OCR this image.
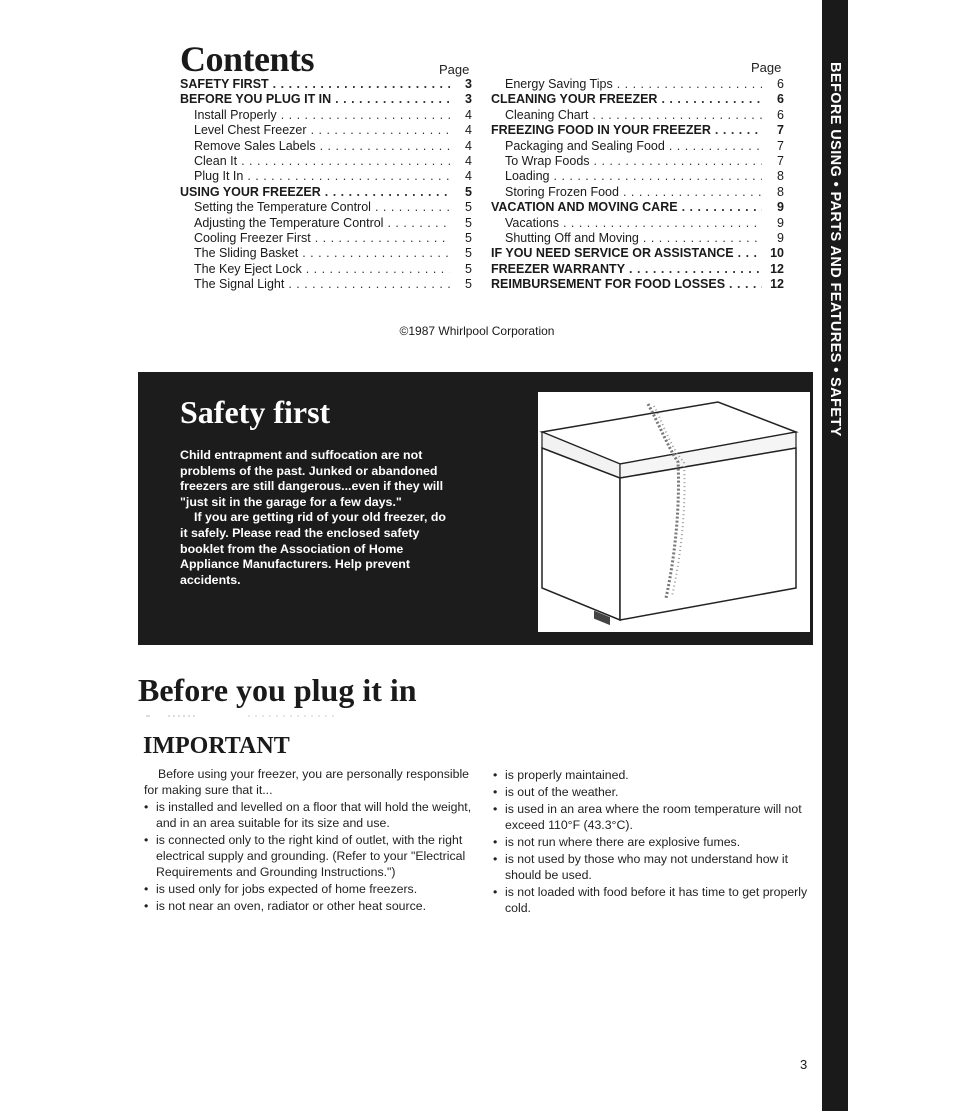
BEFORE USING • PARTS AND FEATURES • SAFETY
Contents	Page	Page
SAFETY FIRST . . .	3
BEFORE YOU PLUG IT IN . . .	3
Install Properly . . .	4
Level Chest Freezer . . .	4
Remove Sales Labels . . .	4
Clean It . . .	4
Plug It In . . .	4
USING YOUR FREEZER . . .	5
Setting the Temperature Control . . .	5
Adjusting the Temperature Control . . .	5
Cooling Freezer First . . .	5
The Sliding Basket . . .	5
The Key Eject Lock . . .	5
The Signal Light . . .	5
Energy Saving Tips . . .	6
CLEANING YOUR FREEZER . . .	6
Cleaning Chart . . .	6
FREEZING FOOD IN YOUR FREEZER . . .	7
Packaging and Sealing Food . . .	7
To Wrap Foods . . .	7
Loading . . .	8
Storing Frozen Food . . .	8
VACATION AND MOVING CARE . . .	9
Vacations . . .	9
Shutting Off and Moving . . .	9
IF YOU NEED SERVICE OR ASSISTANCE . . .	10
FREEZER WARRANTY . . .	12
REIMBURSEMENT FOR FOOD LOSSES . . .	12
©1987 Whirlpool Corporation
Safety first

Child entrapment and suffocation are not problems of the past. Junked or abandoned freezers are still dangerous...even if they will "just sit in the garage for a few days."

If you are getting rid of your old freezer, do it safely. Please read the enclosed safety booklet from the Association of Home Appliance Manufacturers. Help prevent accidents.

Before you plug it in
IMPORTANT

Before using your freezer, you are personally responsible for making sure that it...

• is installed and levelled on a floor that will hold the weight, and in an area suitable for its size and use.
• is connected only to the right kind of outlet, with the right electrical supply and grounding. (Refer to your "Electrical Requirements and Grounding Instructions.")
• is used only for jobs expected of home freezers.
• is not near an oven, radiator or other heat source.
• is properly maintained.
• is out of the weather.
• is used in an area where the room temperature will not exceed 110°F (43.3°C).
• is not run where there are explosive fumes.
• is not used by those who may not understand how it should be used.
• is not loaded with food before it has time to get properly cold.
3
